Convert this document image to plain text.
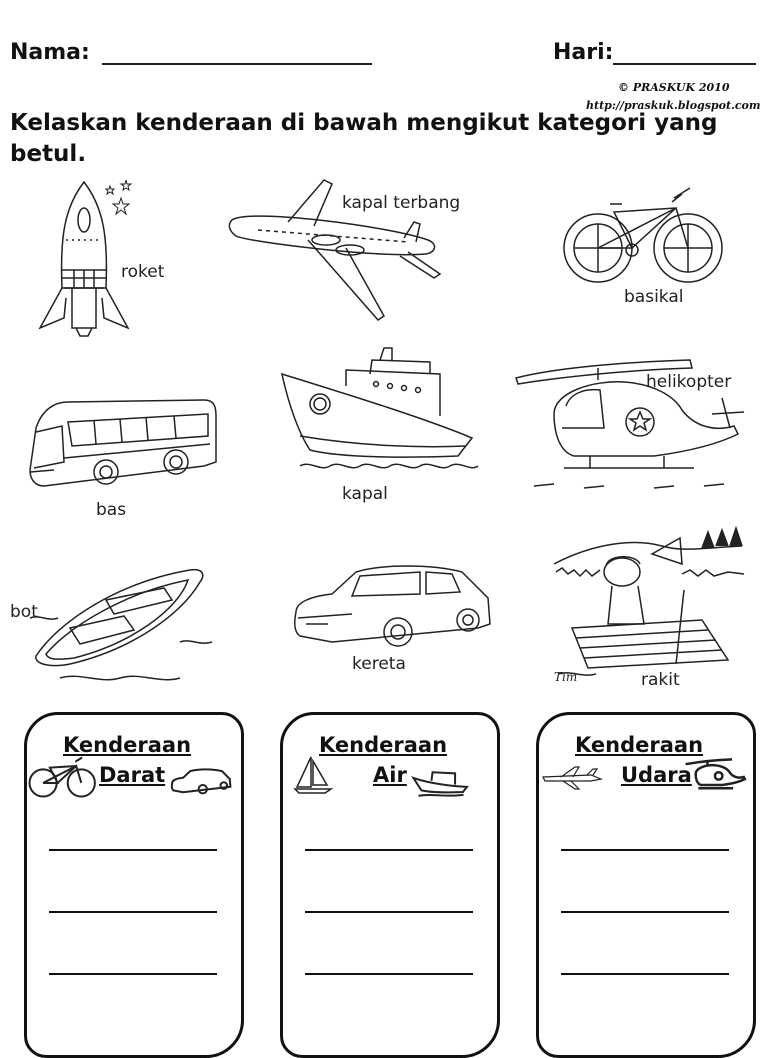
Nama:	Hari:
© PRASKUK 2010
http://praskuk.blogspot.com
Kelaskan kenderaan di bawah mengikut kategori yang betul.
roket
kapal terbang
basikal
bas
kapal
helikopter
bot
kereta
Tim	rakit
Kenderaan
Darat
Kenderaan
Air
Kenderaan
Udara
